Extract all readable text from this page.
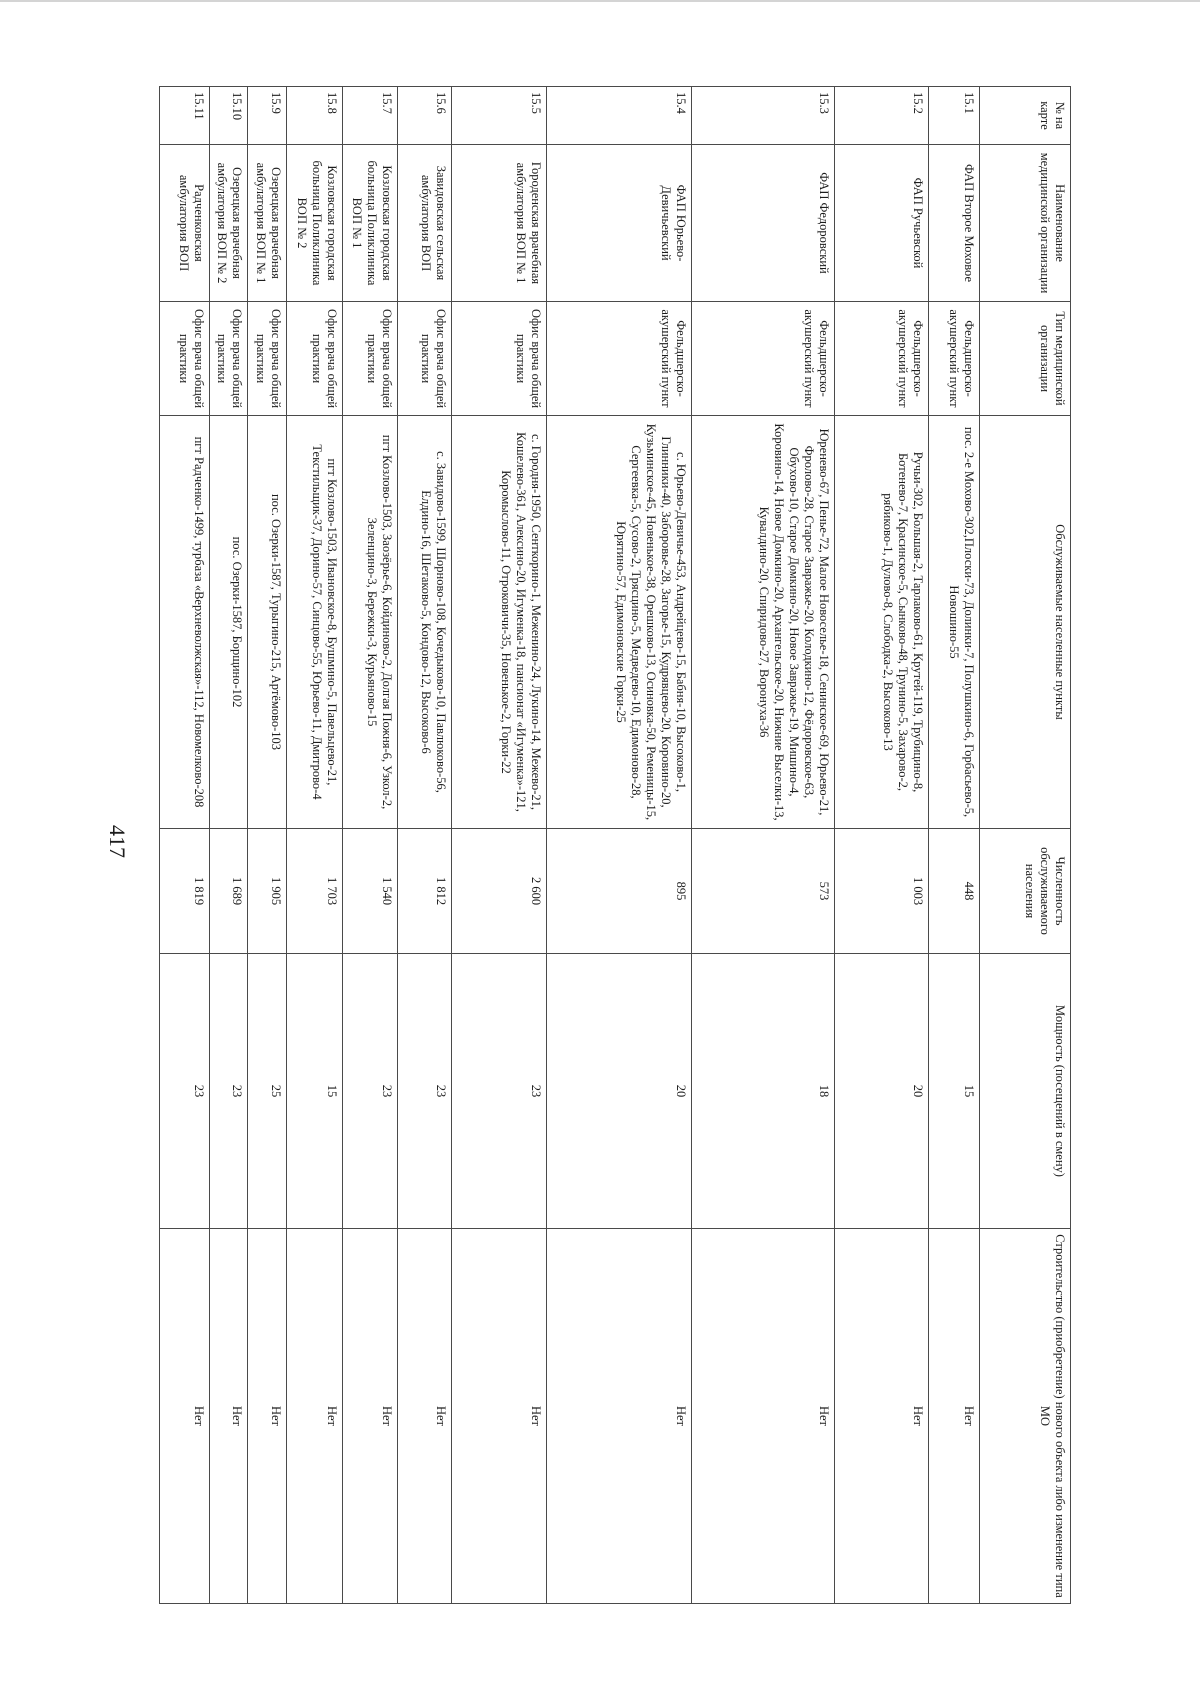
417
№ на карте	Наименование медицинской организации	Тип медицинской организации	Обслуживаемые населенные пункты	Численность обслуживаемого населения	Мощность (посещений в смену)	Строительство (приобретение) нового объекта либо изменение типа МО
15.1	ФАП Второе Моховое	Фельдшерско-акушерский пункт	пос. 2-е Мохово-302,Плоски-73, Долинки-7, Полушкино-6, Горбасьево-5, Новошино-55	448	15	Нет
15.2	ФАП Ручьевской	Фельдшерско-акушерский пункт	Ручьи-302, Большая-2, Тарлаково-61, Крутей-119, Трубицино-8, Ботенево-7, Красинское-5, Сынково-48, Трунино-5, Захарово-2, рябиково-1, Дулово-8, Слободка-2, Высоково-13	1 003	20	Нет
15.3	ФАП Федоровский	Фельдшерско-акушерский пункт	Юренево-67, Пенье-72, Малое Новоселье-18, Сенинское-69, Юрьево-21, Фролово-28, Старое Завражье-20, Колодкино-12, Фёдоровское-63, Обухово-10, Старое Домкино-20, Новое Завражье-19, Мишино-4, Коровино-14, Новое Домкино-20, Архангельское-20, Нижние Выселки-13, Кувалдино-20, Спиридово-27, Воронуха-36	573	18	Нет
15.4	ФАП Юрьево-Девичьевский	Фельдшерско-акушерский пункт	с. Юрьево-Девичье-453, Андрейцево-15, Бабня-10, Высоково-1, Глинники-40, Заборовье-28, Загорье-15, Кудрявцево-20, Коровино-20, Кузьминское-45, Новенькое-38, Орешково-13, Осиновка-50, Ременицы-15, Сергеевка-5, Сусово-2, Трясцино-5, Медведево-10, Едимоново-28, Юрятино-57, Едимоновские Горки-25	895	20	Нет
15.5	Городенская врачебная амбулатория ВОП № 1	Офис врача общей практики	с. Городня-1950, Сенткорино-1, Меженино-24, Лукино-14, Межево-21, Кошелево-361, Алексино-20, Игуменка-18, пансионат «Игуменка»-121, Коромыслово-11, Отроковичи-35, Новенькое-2, Горки-22	2 600	23	Нет
15.6	Завидовская сельская амбулатория ВОП	Офис врача общей практики	с. Завидово-1599, Шорново-108, Кочедыково-10, Павлюково-56, Елдино-16, Шетаково-5, Кондово-12, Высоково-6	1 812	23	Нет
15.7	Козловская городская больница Поликлиника ВОП № 1	Офис врача общей практики	пгт Козлово-1503, Заозёрье-6, Койдиново-2, Долгая Пожня-6, Узкол-2, Зеленцино-3, Бережки-3, Курьяново-15	1 540	23	Нет
15.8	Козловская городская больница Поликлиника ВОП № 2	Офис врача общей практики	пгт Козлово-1503, Ивановское-8, Бушмино-5, Павельцево-21, Текстильщик-37, Дорино-57, Синцово-55, Юрьево-11, Дмитрово-4	1 703	15	Нет
15.9	Озерецкая врачебная амбулатория ВОП № 1	Офис врача общей практики	пос. Озерки-1587, Турыгино-215, Артёмово-103	1 905	25	Нет
15.10	Озерецкая врачебная амбулатория ВОП № 2	Офис врача общей практики	пос. Озерки-1587, Борщино-102	1 689	23	Нет
15.11	Радченковская амбулатория ВОП	Офис врача общей практики	пгт Радченко-1499, турбаза «Верхневолжская»-112, Новомелково-208	1 819	23	Нет
